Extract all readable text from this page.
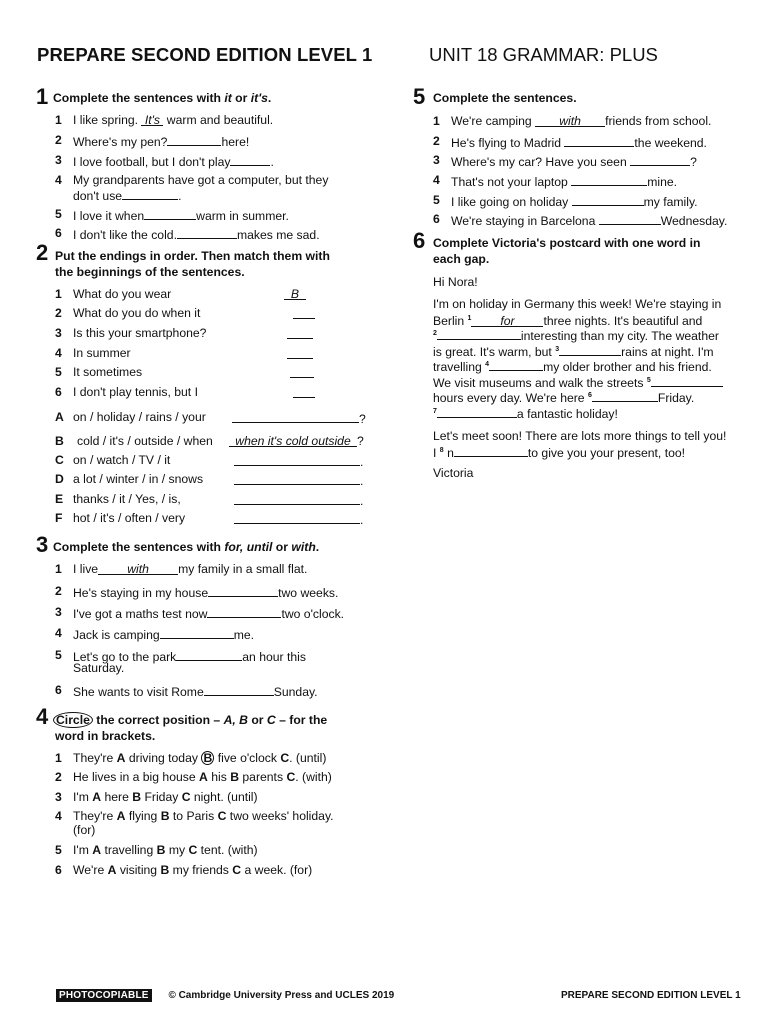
PREPARE SECOND EDITION LEVEL 1	UNIT 18 GRAMMAR: PLUS
1 Complete the sentences with it or it's.
1 I like spring. It's warm and beautiful.
2 Where's my pen?	here!
3 I love football, but I don't play	.
4 My grandparents have got a computer, but they
don't use	.
5 I love it when	warm in summer.
6 I don't like the cold.	makes me sad.
2 Put the endings in order. Then match them with
the beginnings of the sentences.
1 What do you wear	B
2 What do you do when it
3 Is this your smartphone?
4 In summer
5 It sometimes
6 I don't play tennis, but I
A on / holiday / rains / your	?
B	cold / it's / outside / when	when it's cold outside ?
C on / watch / TV / it	.
D a lot / winter / in / snows	.
E thanks / it / Yes, / is,	.
F hot / it's / often / very	.
3 Complete the sentences with for, until or with.
1 I live with my family in a small flat.
2 He's staying in my house	two weeks.
3 I've got a maths test now	two o'clock.
4 Jack is camping	me.
5 Let's go to the park	an hour this
Saturday.
6 She wants to visit Rome	Sunday.
4 Circle the correct position – A, B or C – for the
word in brackets.
1 They're A driving today B five o'clock C. (until)
2 He lives in a big house A his B parents C. (with)
3 I'm A here B Friday C night. (until)
4 They're A flying B to Paris C two weeks' holiday.
(for)
5 I'm A travelling B my C tent. (with)
6 We're A visiting B my friends C a week. (for)
5 Complete the sentences.
1 We're camping with friends from school.
2 He's flying to Madrid	the weekend.
3 Where's my car? Have you seen	?
4 That's not your laptop	mine.
5 I like going on holiday	my family.
6 We're staying in Barcelona	Wednesday.
6 Complete Victoria's postcard with one word in
each gap.
Hi Nora!
I'm on holiday in Germany this week! We're staying in
Berlin $^1$ for three nights. It's beautiful and
$^2$	interesting than my city. The weather
is great. It's warm, but $^3$	rains at night. I'm
travelling $^4$	my older brother and his friend.
We visit museums and walk the streets $^5$
hours every day. We're here $^6$	Friday.
$^7$	a fantastic holiday!
Let's meet soon! There are lots more things to tell you!
I $^8$ n	to give you your present, too!
Victoria
PHOTOCOPIABLE © Cambridge University Press and UCLES 2019	PREPARE SECOND EDITION LEVEL 1
